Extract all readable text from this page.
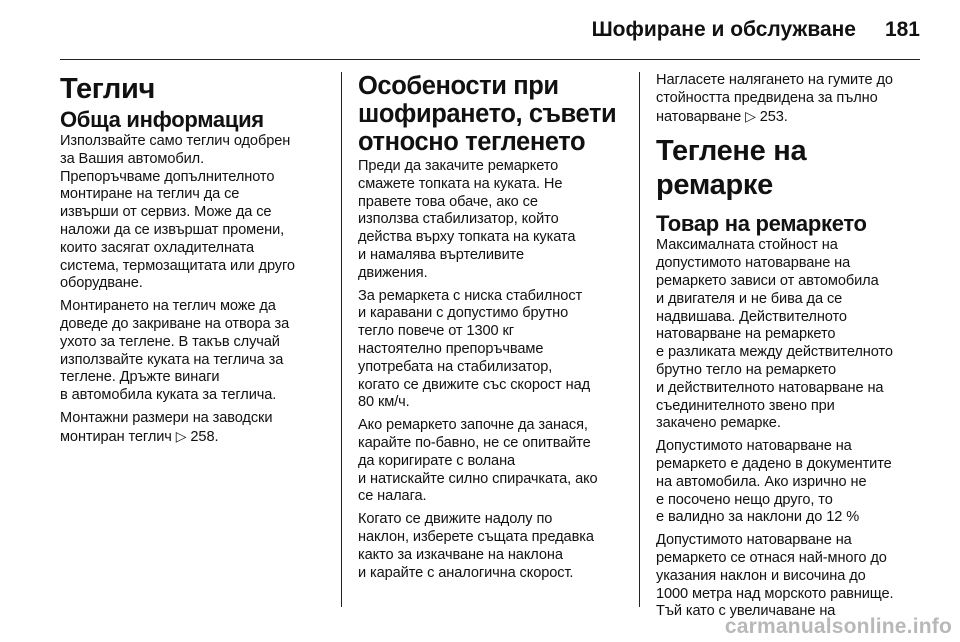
Шофиране и обслужване 181
Теглич
Обща информация

Използвайте само теглич одобрен
за Вашия автомобил.
Препоръчваме допълнителното
монтиране на теглич да се
извърши от сервиз. Може да се
наложи да се извършат промени,
които засягат охладителната
система, термозащитата или друго
оборудване.

Монтирането на теглич може да
доведе до закриване на отвора за
ухото за теглене. В такъв случай
използвайте куката на теглича за
теглене. Дръжте винаги
в автомобила куката за теглича.

Монтажни размери на заводски
монтиран теглич ▷ 258.

Особености при
шофирането, съвети
относно тегленето

Преди да закачите ремаркето
смажете топката на куката. Не
правете това обаче, ако се
използва стабилизатор, който
действа върху топката на куката
и намалява въртеливите
движения.

За ремаркета с ниска стабилност
и каравани с допустимо брутно
тегло повече от 1300 кг
настоятелно препоръчваме
употребата на стабилизатор,
когато се движите със скорост над
80 км/ч.

Ако ремаркето започне да занася,
карайте по-бавно, не се опитвайте
да коригирате с волана
и натискайте силно спирачката, ако
се налага.

Когато се движите надолу по
наклон, изберете същата предавка
както за изкачване на наклона
и карайте с аналогична скорост.

Нагласете налягането на гумите до
стойността предвидена за пълно
натоварване ▷ 253.

Теглене на ремарке
Товар на ремаркето

Максималната стойност на
допустимото натоварване на
ремаркето зависи от автомобила
и двигателя и не бива да се
надвишава. Действителното
натоварване на ремаркето
е разликата между действителното
брутно тегло на ремаркето
и действителното натоварване на
съединителното звено при
закачено ремарке.

Допустимото натоварване на
ремаркето е дадено в документите
на автомобила. Ако изрично не
е посочено нещо друго, то
е валидно за наклони до 12 %

Допустимото натоварване на
ремаркето се отнася най-много до
указания наклон и височина до
1000 метра над морското равнище.
Тъй като с увеличаване на

carmanualsonline.info
